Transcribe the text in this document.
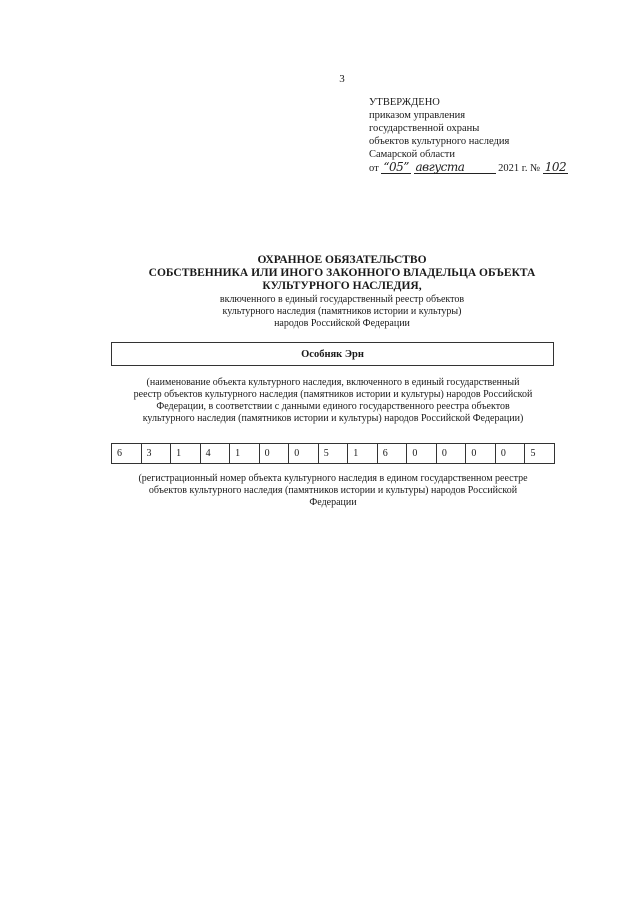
3
УТВЕРЖДЕНО
приказом управления
государственной охраны
объектов культурного наследия
Самарской области
от “05” августа	2021 г. № 102
ОХРАННОЕ ОБЯЗАТЕЛЬСТВО
СОБСТВЕННИКА ИЛИ ИНОГО ЗАКОННОГО ВЛАДЕЛЬЦА ОБЪЕКТА
КУЛЬТУРНОГО НАСЛЕДИЯ,
включенного в единый государственный реестр объектов
культурного наследия (памятников истории и культуры)
народов Российской Федерации
Особняк Эрн
(наименование объекта культурного наследия, включенного в единый государственный
реестр объектов культурного наследия (памятников истории и культуры) народов Российской
Федерации, в соответствии с данными единого государственного реестра объектов
культурного наследия (памятников истории и культуры) народов Российской Федерации)
6	3	1	4	1	0	0	5	1	6	0	0	0	0	5
(регистрационный номер объекта культурного наследия в едином государственном реестре
объектов культурного наследия (памятников истории и культуры) народов Российской
Федерации
